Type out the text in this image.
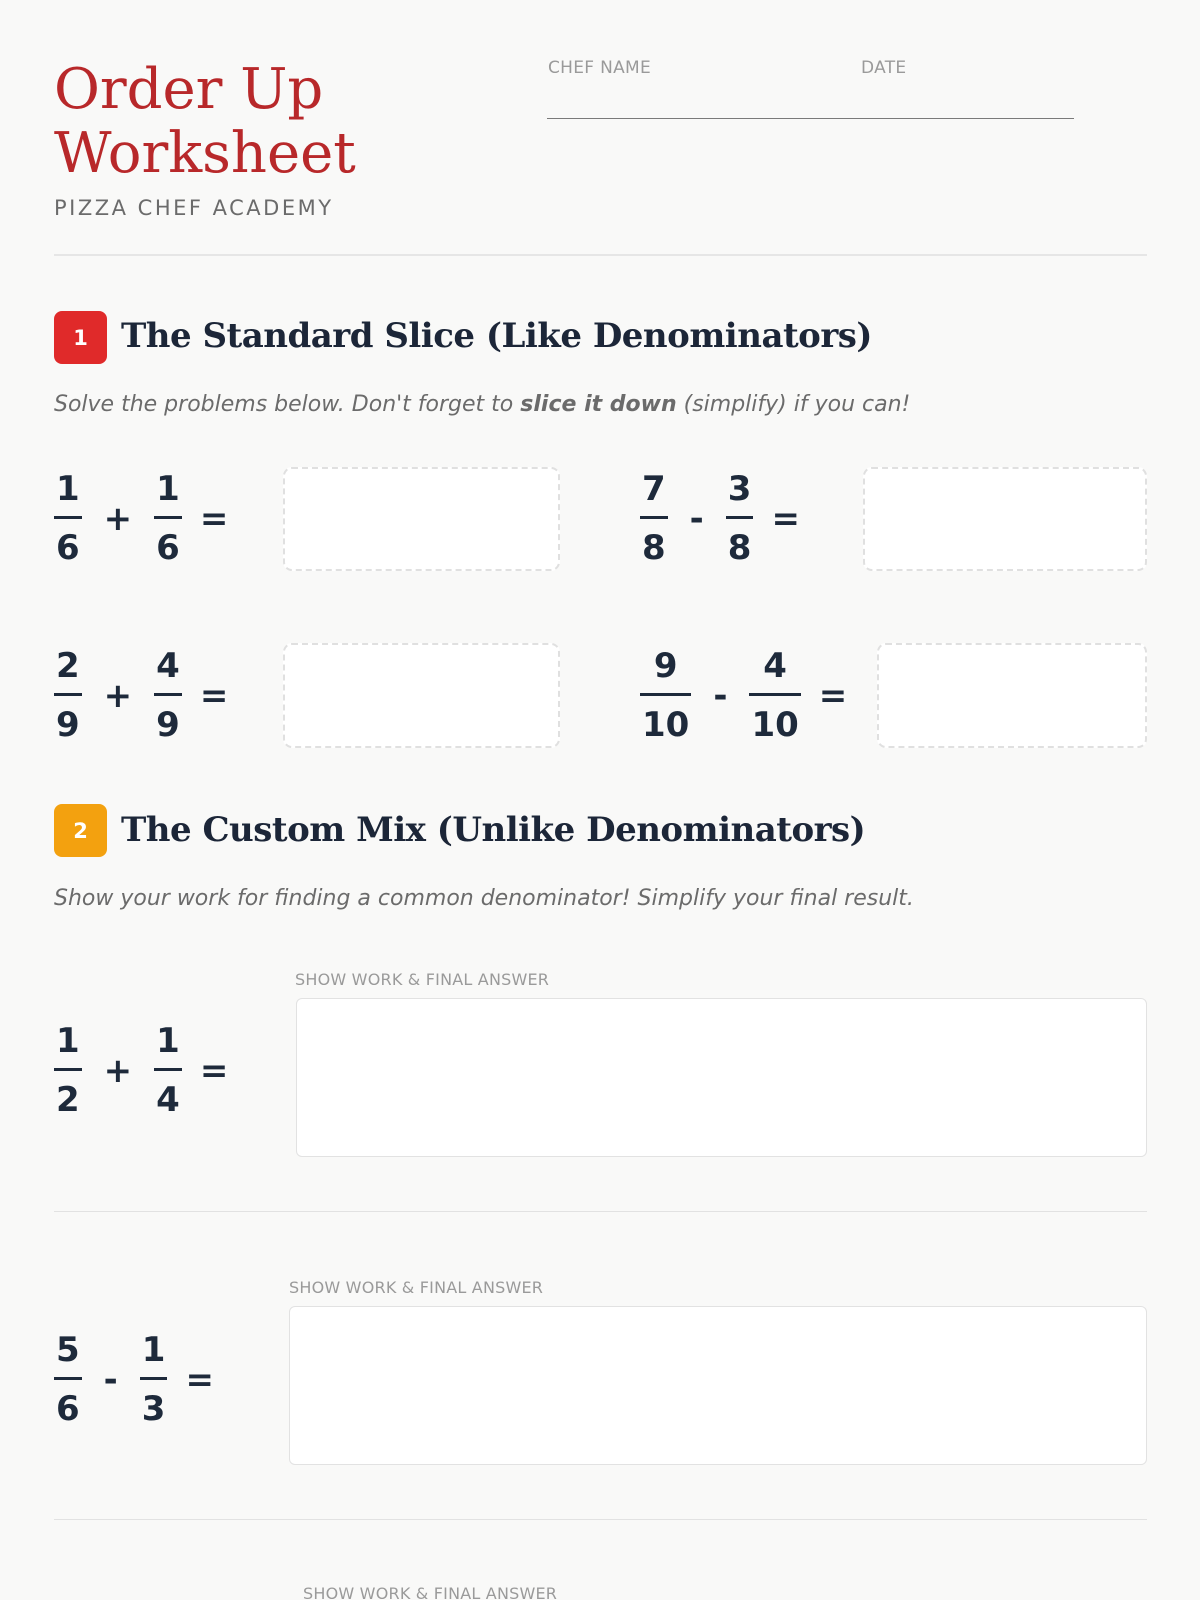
Order Up Worksheet
PIZZA CHEF ACADEMY
CHEF NAME	DATE
1 The Standard Slice (Like Denominators)

Solve the problems below. Don't forget to slice it down (simplify) if you can!

$\frac{1}{6} + \frac{1}{6}$ =	$\frac{7}{8} - \frac{3}{8}$ =
$\frac{2}{9} + \frac{4}{9}$ =	$\frac{9}{10} - \frac{4}{10}$ =
2 The Custom Mix (Unlike Denominators)

Show your work for finding a common denominator! Simplify your final result.

$\frac{1}{2} + \frac{1}{4}$ =
SHOW WORK & FINAL ANSWER
$\frac{5}{6} - \frac{1}{3}$ =
SHOW WORK & FINAL ANSWER
SHOW WORK & FINAL ANSWER
